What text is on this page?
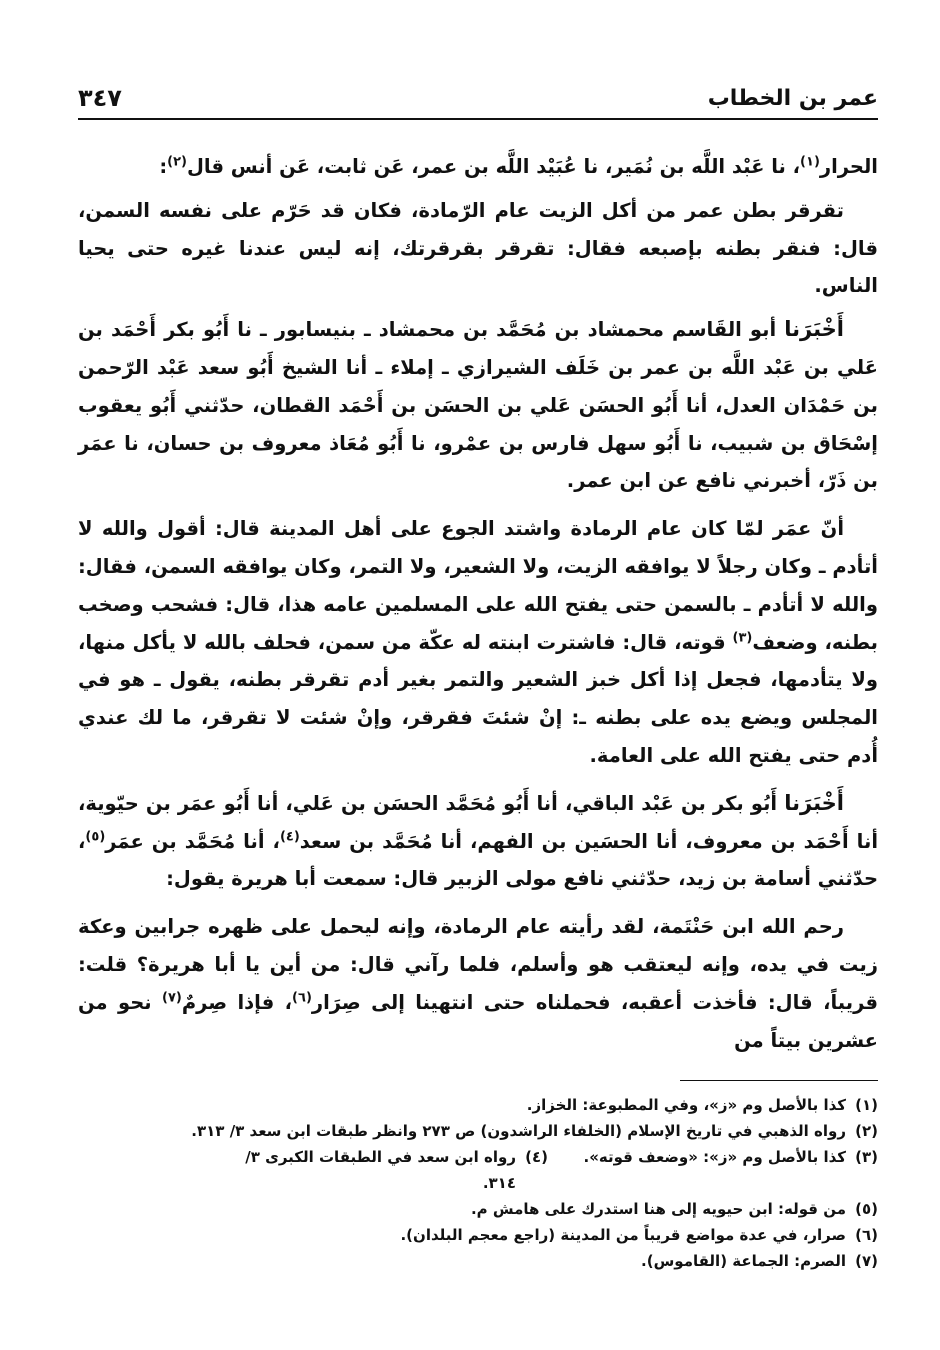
عمر بن الخطاب
٣٤٧

الحرار$^{(١)}$، نا عَبْد اللَّه بن نُمَير، نا عُبَيْد اللَّه بن عمر، عَن ثابت، عَن أنس قال$^{(٢)}$:

تقرقر بطن عمر من أكل الزيت عام الرّمادة، فكان قد حَرّم على نفسه السمن، قال: فنقر بطنه بإصبعه فقال: تقرقر بقرقرتك، إنه ليس عندنا غيره حتى يحيا الناس.

أَخْبَرَنا أبو القَاسم محمشاد بن مُحَمَّد بن محمشاد ـ بنيسابور ـ نا أَبُو بكر أَحْمَد بن عَلي بن عَبْد اللَّه بن عمر بن خَلَف الشيرازي ـ إملاء ـ أنا الشيخ أَبُو سعد عَبْد الرّحمن بن حَمْدَان العدل، أنا أَبُو الحسَن عَلي بن الحسَن بن أَحْمَد القطان، حدّثني أَبُو يعقوب إسْحَاق بن شبيب، نا أَبُو سهل فارس بن عمْرو، نا أَبُو مُعَاذ معروف بن حسان، نا عمَر بن ذَرّ، أخبرني نافع عن ابن عمر.

أنّ عمَر لمّا كان عام الرمادة واشتد الجوع على أهل المدينة قال: أقول والله لا أتأدم ـ وكان رجلاً لا يوافقه الزيت، ولا الشعير، ولا التمر، وكان يوافقه السمن، فقال: والله لا أتأدم ـ بالسمن حتى يفتح الله على المسلمين عامه هذا، قال: فشحب وصخب بطنه، وضعف$^{(٣)}$ قوته، قال: فاشترت ابنته له عكّة من سمن، فحلف بالله لا يأكل منها، ولا يتأدمها، فجعل إذا أكل خبز الشعير والتمر بغير أدم تقرقر بطنه، يقول ـ هو في المجلس ويضع يده على بطنه ـ: إنْ شئتَ فقرقر، وإنْ شئت لا تقرقر، ما لك عندي أُدم حتى يفتح الله على العامة.

أَخْبَرَنا أَبُو بكر بن عَبْد الباقي، أنا أَبُو مُحَمَّد الحسَن بن عَلي، أنا أَبُو عمَر بن حيّوية، أنا أَحْمَد بن معروف، أنا الحسَين بن الفهم، أنا مُحَمَّد بن سعد$^{(٤)}$، أنا مُحَمَّد بن عمَر$^{(٥)}$، حدّثني أسامة بن زيد، حدّثني نافع مولى الزبير قال: سمعت أبا هريرة يقول:

رحم الله ابن حَنْتَمة، لقد رأيته عام الرمادة، وإنه ليحمل على ظهره جرابين وعكة زيت في يده، وإنه ليعتقب هو وأسلم، فلما رآني قال: من أين يا أبا هريرة؟ قلت: قريباً، قال: فأخذت أعقبه، فحملناه حتى انتهينا إلى صِرَار$^{(٦)}$، فإذا صِرمٌ$^{(٧)}$ نحو من عشرين بيتاً من

(١)
كذا بالأصل وم «ز»، وفي المطبوعة: الخزاز.
(٢)
رواه الذهبي في تاريخ الإسلام (الخلفاء الراشدون) ص ٢٧٣ وانظر طبقات ابن سعد ٣/ ٣١٣.
(٣)
كذا بالأصل وم «ز»: «وضعف قوته».
(٤)
رواه ابن سعد في الطبقات الكبرى ٣/ ٣١٤.
(٥)
من قوله: ابن حيويه إلى هنا استدرك على هامش م.
(٦)
صرار، في عدة مواضع قريباً من المدينة (راجع معجم البلدان).
(٧)
الصرم: الجماعة (القاموس).
